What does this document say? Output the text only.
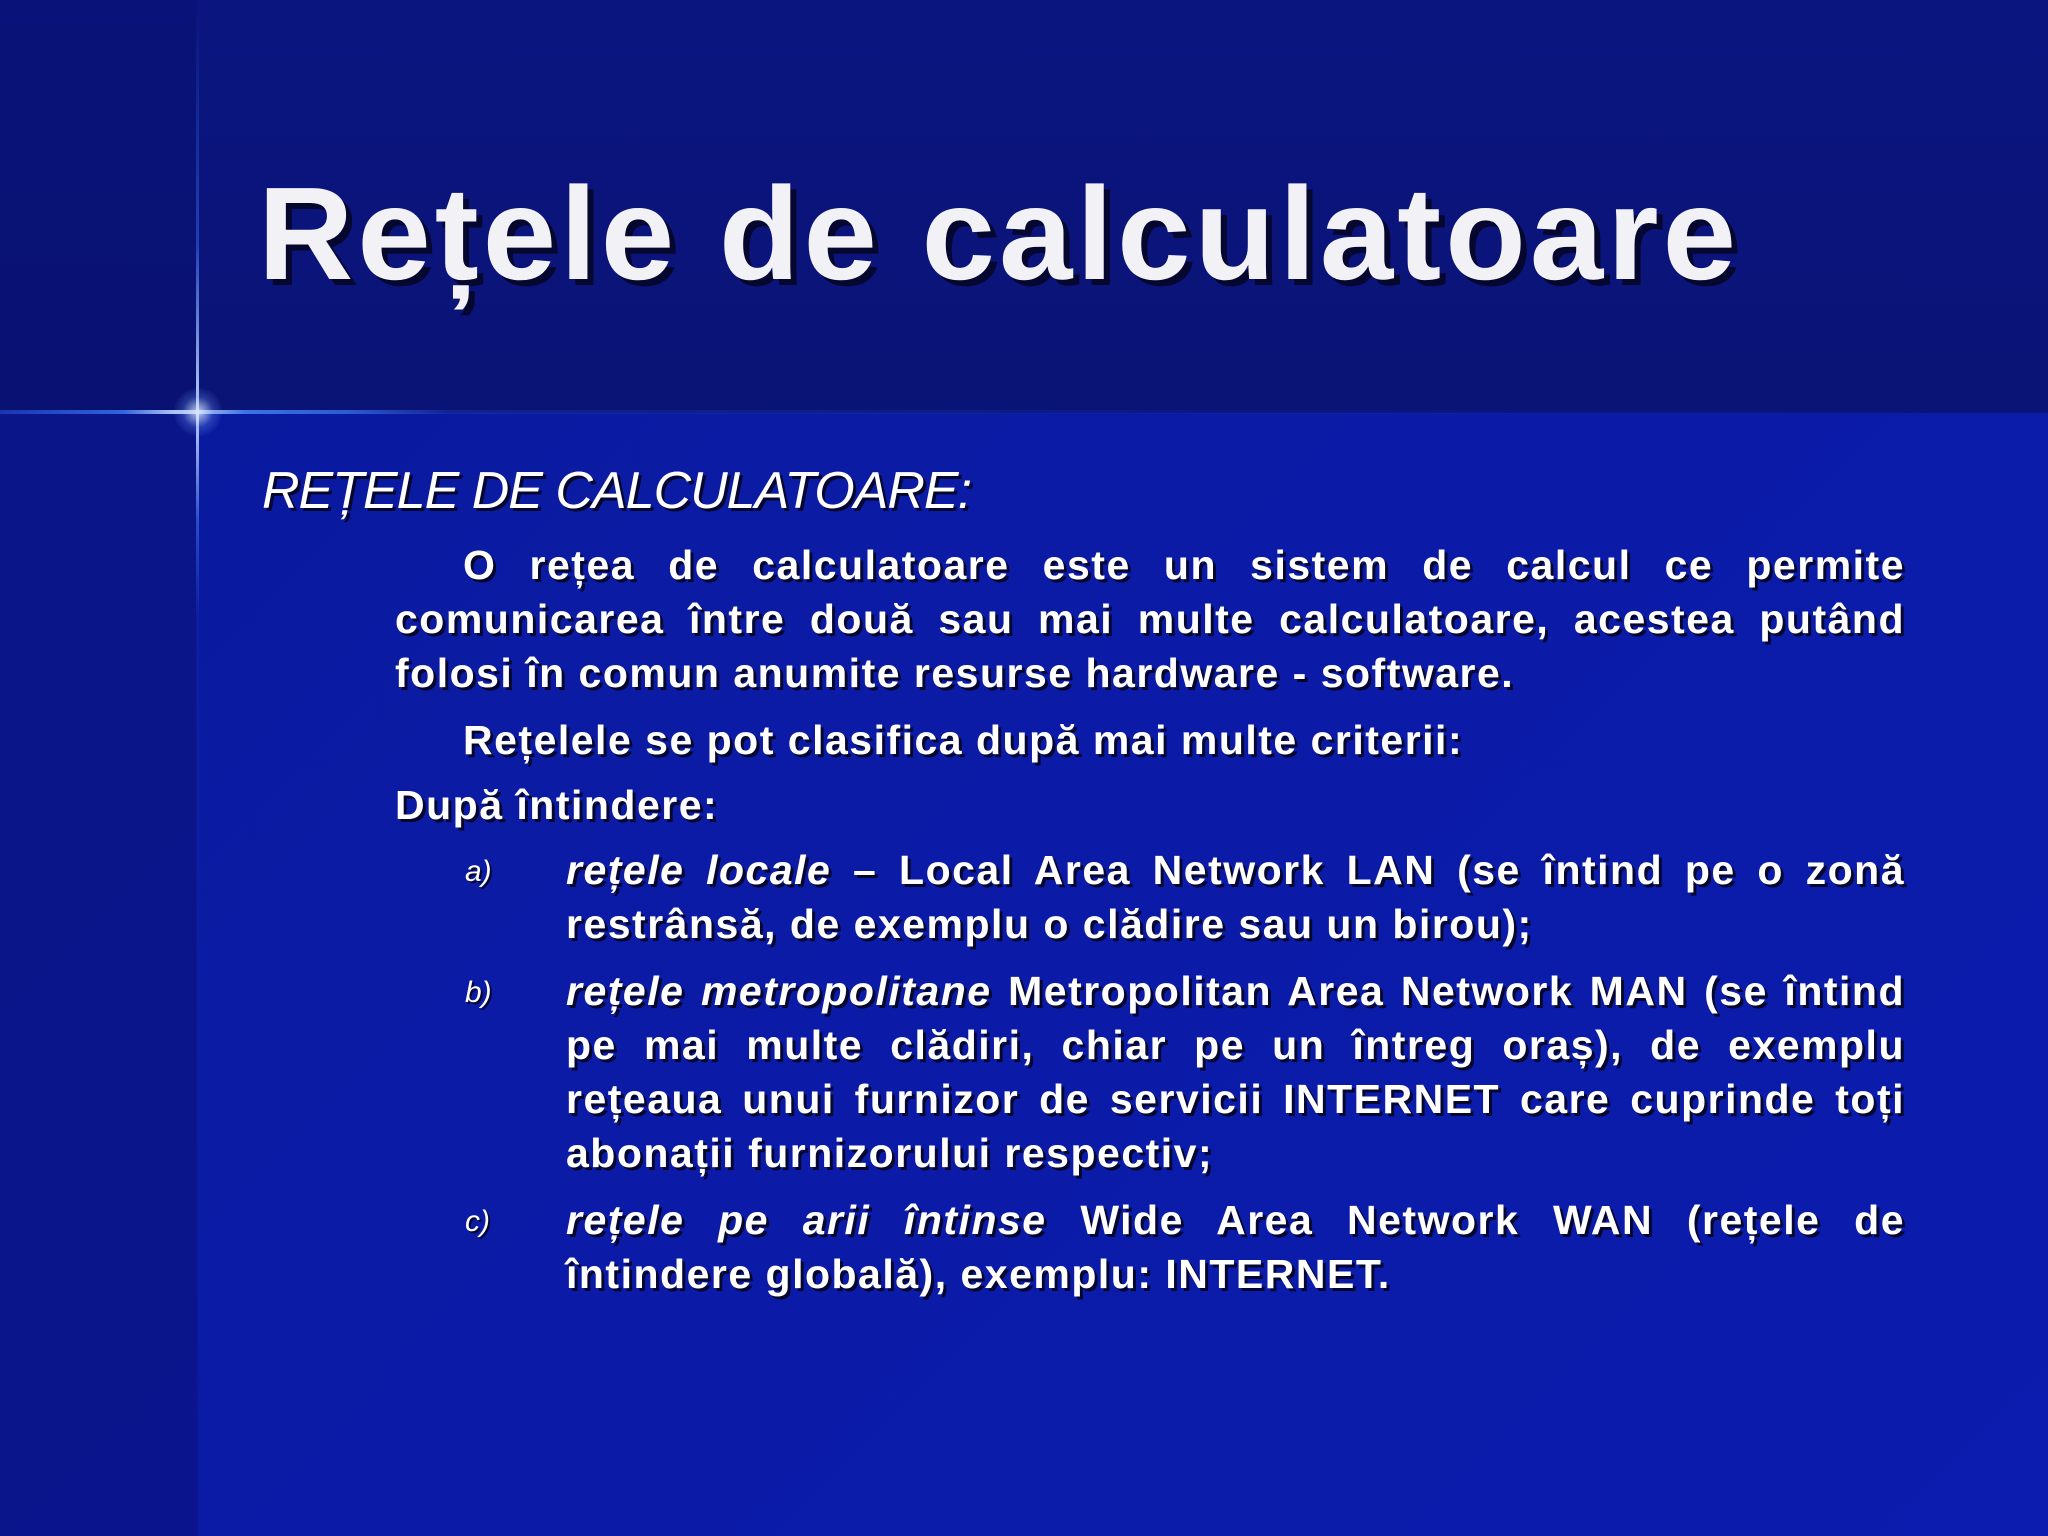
Rețele de calculatoare
REȚELE DE CALCULATOARE:

O rețea de calculatoare este un sistem de calcul ce permite comunicarea între două sau mai multe calculatoare, acestea putând folosi în comun anumite resurse hardware - software.

Rețelele se pot clasifica după mai multe criterii:

După întindere:

a) rețele locale – Local Area Network LAN (se întind pe o zonă restrânsă, de exemplu o clădire sau un birou);

b) rețele metropolitane Metropolitan Area Network MAN (se întind pe mai multe clădiri, chiar pe un întreg oraș), de exemplu rețeaua unui furnizor de servicii INTERNET care cuprinde toți abonații furnizorului respectiv;

c) rețele pe arii întinse Wide Area Network WAN (rețele de întindere globală), exemplu: INTERNET.
